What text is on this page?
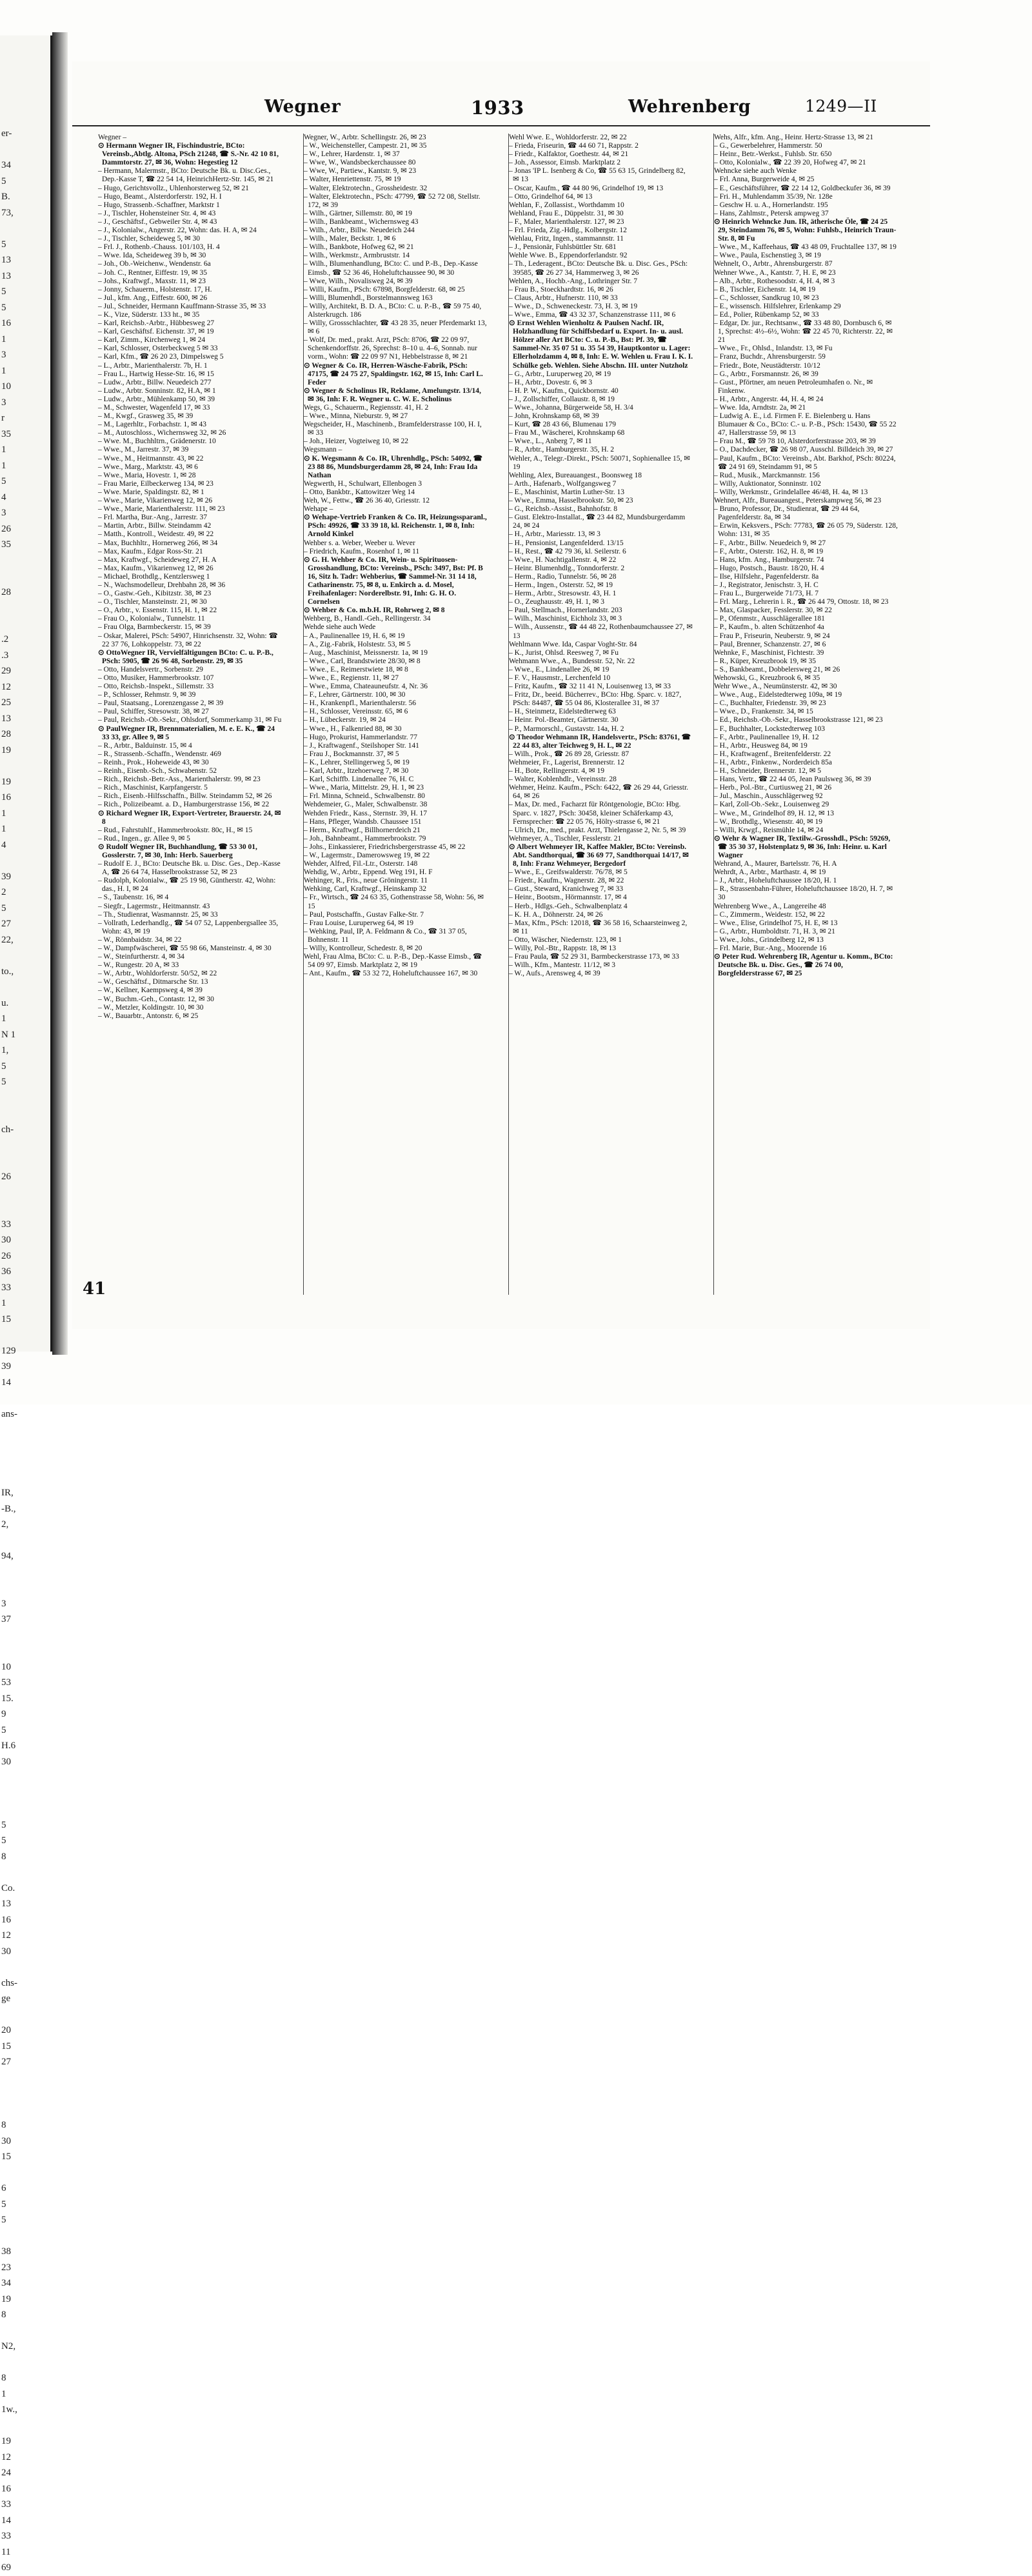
er-

34
5
B.
73,

5
13
13
5
5
16
1
3
1
10
3
r
35
1
1
5
4
3
26
35

28

.2
.3
29
12
25
13
28
19

19
16
1
1
4

39
2
5
27
22,

to.,

u.
1
N 1
1,
5
5

ch-

26

33
30
26
36
33
1
15

129
39
14

ans-

IR,
-B.,
2,

94,

3
37

10
53
15.
9
5
H.6
30

5
5
8

Co.
13
16
12
30

chs-
ge

20
15
27

8
30
15

6
5
5

38
23
34
19
8

N2,

8
1
1w.,

19
12
24
16
33
14
33
11
69
Wegner	1933	Wehrenberg	1249—II

Wegner –

⊙ Hermann Wegner IR, Fischindustrie, BCto: Vereinsb.,Abtlg. Altona, PSch 21248, ☎ S.-Nr. 42 10 81, Dammtorstr. 27, ✉ 36, Wohn: Hegestieg 12

– Hermann, Malermstr., BCto: Deutsche Bk. u. Disc.Ges., Dep.-Kasse T, ☎ 22 54 14, HeinrichHertz-Str. 145, ✉ 21

– Hugo, Gerichtsvollz., Uhlenhorsterweg 52, ✉ 21

– Hugo, Beamt., Alsterdorferstr. 192, H. I

– Hugo, Strassenb.-Schaffner, Marktstr 1

– J., Tischler, Hohensteiner Str. 4, ✉ 43

– J., Geschäftsf., Gebweiler Str. 4, ✉ 43

– J., Kolonialw., Angerstr. 22, Wohn: das. H. A, ✉ 24

– J., Tischler, Scheideweg 5, ✉ 30

– Frl. J., Rothenb.-Chauss. 101/103, H. 4

– Wwe. Ida, Scheideweg 39 b, ✉ 30

– Joh., Ob.-Weichenw., Wendenstr. 6a

– Joh. C., Rentner, Eiffestr. 19, ✉ 35

– Johs., Kraftwgf., Maxstr. 11, ✉ 23

– Jonny, Schauerm., Holstenstr. 17, H.

– Jul., kfm. Ang., Eiffestr. 600, ✉ 26

– Jul., Schneider, Hermann Kauffmann-Strasse 35, ✉ 33

– K., Vize, Süderstr. 133 ht., ✉ 35

– Karl, Reichsb.-Arbtr., Hübbesweg 27

– Karl, Geschäftsf. Eichenstr. 37, ✉ 19

– Karl, Zimm., Kirchenweg 1, ✉ 24

– Karl, Schlosser, Osterbeckweg 5 ✉ 33

– Karl, Kfm., ☎ 26 20 23, Dimpelsweg 5

– L., Arbtr., Marienthalerstr. 7b, H. 1

– Frau L., Hartwig Hesse-Str. 16, ✉ 15

– Ludw., Arbtr., Billw. Neuedeich 277

– Ludw., Arbtr. Sonninstr. 82, H.A, ✉ 1

– Ludw., Arbtr., Mühlenkamp 50, ✉ 39

– M., Schwester, Wagenfeld 17, ✉ 33

– M., Kwgf., Grasweg 35, ✉ 39

– M., Lagerhltr., Forbachstr. 1, ✉ 43

– M., Autoschloss., Wichernsweg 32, ✉ 26

– Wwe. M., Buchhltrn., Grädenerstr. 10

– Wwe., M., Jarrestr. 37, ✉ 39

– Wwe., M., Heitmannstr. 43, ✉ 22

– Wwe., Marg., Marktstr. 43, ✉ 6

– Wwe., Maria, Hovestr. 1, ✉ 28

– Frau Marie, Eilbeckerweg 134, ✉ 23

– Wwe. Marie, Spaldingstr. 82, ✉ 1

– Wwe., Marie, Vikarienweg 12, ✉ 26

– Wwe., Marie, Marienthalerstr. 111, ✉ 23

– Frl. Martha, Bur.-Ang., Jarrestr. 37

– Martin, Arbtr., Billw. Steindamm 42

– Matth., Kontroll., Weidestr. 49, ✉ 22

– Max, Buchhltr., Hornerweg 266, ✉ 34

– Max, Kaufm., Edgar Ross-Str. 21

– Max, Kraftwgf., Scheideweg 27, H. A

– Max, Kaufm., Vikarienweg 12, ✉ 26

– Michael, Brothdlg., Kentzlersweg 1

– N., Wachsmodelleur, Drehbahn 28, ✉ 36

– O., Gastw.-Geh., Kibitzstr. 38, ✉ 23

– O., Tischler, Mansteinstr. 21, ✉ 30

– O., Arbtr., v. Essenstr. 115, H. 1, ✉ 22

– Frau O., Kolonialw., Tunnelstr. 11

– Frau Olga, Barmbeckerstr. 15, ✉ 39

– Oskar, Malerei, PSch: 54907, Hinrichsenstr. 32, Wohn: ☎ 22 37 76, Lohkoppelstr. 73, ✉ 22

⊙ OttoWegner IR, Vervielfältigungen BCto: C. u. P.-B., PSch: 5905, ☎ 26 96 48, Sorbenstr. 29, ✉ 35

– Otto, Handelsvertr., Sorbenstr. 29

– Otto, Musiker, Hammerbrookstr. 107

– Otto, Reichsb.-Inspekt., Sillemstr. 33

– P., Schlosser, Rehmstr. 9, ✉ 39

– Paul, Staatsang., Lorenzengasse 2, ✉ 39

– Paul, Schiffer, Stresowstr. 38, ✉ 27

– Paul, Reichsb.-Ob.-Sekr., Ohlsdorf, Sommerkamp 31, ✉ Fu

⊙ PaulWegner IR, Brennmaterialien, M. e. E. K., ☎ 24 33 33, gr. Allee 9, ✉ 5

– R., Arbtr., Balduinstr. 15, ✉ 4

– R., Strassenb.-Schaffn., Wendenstr. 469

– Reinh., Prok., Hoheweide 43, ✉ 30

– Reinh., Eisenb.-Sch., Schwabenstr. 52

– Rich., Reichsb.-Betr.-Ass., Marienthalerstr. 99, ✉ 23

– Rich., Maschinist, Karpfangerstr. 5

– Rich., Eisenb.-Hilfsschaffn., Billw. Steindamm 52, ✉ 26

– Rich., Polizeibeamt. a. D., Hamburgerstrasse 156, ✉ 22

⊙ Richard Wegner IR, Export-Vertreter, Brauerstr. 24, ✉ 8

– Rud., Fahrstuhlf., Hammerbrookstr. 80c, H., ✉ 15

– Rud., Ingen., gr. Allee 9, ✉ 5

⊙ Rudolf Wegner IR, Buchhandlung, ☎ 53 30 01, Gosslerstr. 7, ✉ 30, Inh: Herb. Sauerberg

– Rudolf E. J., BCto: Deutsche Bk. u. Disc. Ges., Dep.-Kasse A, ☎ 26 64 74, Hasselbrookstrasse 52, ✉ 23

– Rudolph, Kolonialw., ☎ 25 19 98, Güntherstr. 42, Wohn: das., H. I, ✉ 24

– S., Taubenstr. 16, ✉ 4

– Siegfr., Lagermstr., Heitmannstr. 43

– Th., Studienrat, Wasmannstr. 25, ✉ 33

– Vollrath, Lederhandlg., ☎ 54 07 52, Lappenbergsallee 35, Wohn: 43, ✉ 19

– W., Rönnbaidstr. 34, ✉ 22

– W., Dampfwäscherei, ☎ 55 98 66, Mansteinstr. 4, ✉ 30

– W., Steinfurtherstr. 4, ✉ 34

– W., Rungestr. 20 A, ✉ 33

– W., Arbtr., Wohldorferstr. 50/52, ✉ 22

– W., Geschäftsf., Ditmarsche Str. 13

– W., Kellner, Kaempsweg 4, ✉ 39

– W., Buchm.-Geh., Contastr. 12, ✉ 30

– W., Metzler, Koldingstr. 10, ✉ 30

– W., Bauarbtr., Antonstr. 6, ✉ 25

Wegner, W., Arbtr. Schellingstr. 26, ✉ 23

– W., Weichensteller, Campestr. 21, ✉ 35

– W., Lehrer, Hardenstr. 1, ✉ 37

– Wwe, W., Wandsbeckerchaussee 80

– Wwe, W., Partiew., Kantstr. 9, ✉ 23

– Walter, Henriettenstr. 75, ✉ 19

– Walter, Elektrotechn., Grossheidestr. 32

– Walter, Elektrotechn., PSch: 47799, ☎ 52 72 08, Stellstr. 172, ✉ 39

– Wilh., Gärtner, Sillemstr. 80, ✉ 19

– Wilh., Bankbeamt., Wichernsweg 43

– Wilh., Arbtr., Billw. Neuedeich 244

– Wilh., Maler, Beckstr. 1, ✉ 6

– Wilh., Bankbote, Hofweg 62, ✉ 21

– Wilh., Werkmstr., Armbruststr. 14

– Wilh., Blumenhandlung, BCto: C. und P.-B., Dep.-Kasse Eimsb., ☎ 52 36 46, Hoheluftchaussee 90, ✉ 30

– Wwe, Wilh., Novalisweg 24, ✉ 39

– Willi, Kaufm., PSch: 67898, Borgfelderstr. 68, ✉ 25

– Willi, Blumenhdl., Borstelmannsweg 163

– Willy, Architekt, B. D. A., BCto: C. u. P.-B., ☎ 59 75 40, Alsterkrugch. 186

– Willy, Grossschlachter, ☎ 43 28 35, neuer Pferdemarkt 13, ✉ 6

– Wolf, Dr. med., prakt. Arzt, PSch: 8706, ☎ 22 09 97, Schenkendorffstr. 26, Sprechst: 8–10 u. 4–6, Sonnab. nur vorm., Wohn: ☎ 22 09 97 N1, Hebbelstrasse 8, ✉ 21

⊙ Wegner & Co. IR, Herren-Wäsche-Fabrik, PSch: 47175, ☎ 24 75 27, Spaldingstr. 162, ✉ 15, Inh: Carl L. Feder

⊙ Wegner & Scholinus IR, Reklame, Amelungstr. 13/14, ✉ 36, Inh: F. R. Wegner u. C. W. E. Scholinus

Wegs, G., Schauerm., Regiensstr. 41, H. 2

– Wwe., Minna, Nieburstr. 9, ✉ 27

Wegscheider, H., Maschinenb., Bramfelderstrasse 100, H. I, ✉ 33

– Joh., Heizer, Vogteiweg 10, ✉ 22

Wegsmann –

⊙ K. Wegsmann & Co. IR, Uhrenhdlg., PSch: 54092, ☎ 23 88 86, Mundsburgerdamm 28, ✉ 24, Inh: Frau Ida Nathan

Wegwerth, H., Schulwart, Ellenbogen 3

– Otto, Bankbtr., Kattowitzer Weg 14

Weh, W., Fettw., ☎ 26 36 40, Griesstr. 12

Wehape –

⊙ Wehape-Vertrieb Franken & Co. IR, Heizungssparanl., PSch: 49926, ☎ 33 39 18, kl. Reichenstr. 1, ✉ 8, Inh: Arnold Kinkel

Wehber s. a. Weber, Weeber u. Wever

– Friedrich, Kaufm., Rosenhof 1, ✉ 11

⊙ G. H. Wehber & Co. IR, Wein- u. Spirituosen-Grosshandlung, BCto: Vereinsb., PSch: 3497, Bst: Pf. B 16, Sitz h. Tadr: Wehberius, ☎ Sammel-Nr. 31 14 18, Catharinenstr. 75, ✉ 8, u. Enkirch a. d. Mosel, Freihafenlager: Norderelbstr. 91, Inh: G. H. O. Cornelsen

⊙ Wehber & Co. m.b.H. IR, Rohrweg 2, ✉ 8

Wehberg, B., Handl.-Geh., Rellingerstr. 34

Wehde siehe auch Wede

– A., Paulinenallee 19, H. 6, ✉ 19

– A., Zig.-Fabrik, Holstestr. 53, ✉ 5

– Aug., Maschinist, Meissnerstr. 1a, ✉ 19

– Wwe., Carl, Brandstwiete 28/30, ✉ 8

– Wwe., E., Reimerstwiete 18, ✉ 8

– Wwe., E., Regienstr. 11, ✉ 27

– Wwe., Emma, Chateauneufstr. 4, Nr. 36

– F., Lehrer, Gärtnerstr. 100, ✉ 30

– H., Krankenpfl., Marienthalerstr. 56

– H., Schlosser, Vereinsstr. 65, ✉ 6

– H., Lübeckerstr. 19, ✉ 24

– Wwe., H., Falkenried 88, ✉ 30

– Hugo, Prokurist, Hammerlandstr. 77

– J., Kraftwagenf., Steilshoper Str. 141

– Frau J., Bockmannstr. 37, ✉ 5

– K., Lehrer, Stellingerweg 5, ✉ 19

– Karl, Arbtr., Itzehoerweg 7, ✉ 30

– Karl, Schiffb. Lindenallee 76, H. C

– Wwe., Maria, Mittelstr. 29, H. 1, ✉ 23

– Frl. Minna, Schneid., Schwalbenstr. 80

Wehdemeier, G., Maler, Schwalbenstr. 38

Wehden Friedr., Kass., Sternstr. 39, H. 17

– Hans, Pfleger, Wandsb. Chaussee 151

– Herm., Kraftwgf., Billhornerdeich 21

– Joh., Bahnbeamt., Hammerbrookstr. 79

– Johs., Einkassierer, Friedrichsbergerstrasse 45, ✉ 22

– W., Lagermstr., Damerowsweg 19, ✉ 22

Wehder, Alfred, Fil.-Ltr., Osterstr. 148

Wehdig, W., Arbtr., Eppend. Weg 191, H. F

Wehinger, R., Fris., neue Gröningerstr. 11

Wehking, Carl, Kraftwgf., Heinskamp 32

– Fr., Wirtsch., ☎ 24 63 35, Gothenstrasse 58, Wohn: 56, ✉ 15

– Paul, Postschaffn., Gustav Falke-Str. 7

– Frau Louise, Luruperweg 64, ✉ 19

– Wehking, Paul, IP, A. Feldmann & Co., ☎ 31 37 05, Bohnenstr. 11

– Willy, Kontrolleur, Schedestr. 8, ✉ 20

Wehl, Frau Alma, BCto: C. u. P.-B., Dep.-Kasse Eimsb., ☎ 54 09 97, Eimsb. Marktplatz 2, ✉ 19

– Ant., Kaufm., ☎ 53 32 72, Hoheluftchaussee 167, ✉ 30

Wehl Wwe. E., Wohldorferstr. 22, ✉ 22

– Frieda, Friseurin, ☎ 44 60 71, Rappstr. 2

– Friedr., Kalfaktor, Goethestr. 44, ✉ 21

– Joh., Assessor, Eimsb. Marktplatz 2

– Jonas 'IP L. Isenberg & Co, ☎ 55 63 15, Grindelberg 82, ✉ 13

– Oscar, Kaufm., ☎ 44 80 96, Grindelhof 19, ✉ 13

– Otto, Grindelhof 64, ✉ 13

Wehlan, F., Zollassist., Worthdamm 10

Wehland, Frau E., Düppelstr. 31, ✉ 30

– F., Maler, Marienthalerstr. 127, ✉ 23

– Frl. Frieda, Zig.-Hdlg., Kolbergstr. 12

Wehlau, Fritz, Ingen., stammannstr. 11

– J., Pensionär, Fuhlsbüttler Str. 681

Wehle Wwe. B., Eppendorferlandstr. 92

– Th., Lederagent., BCto: Deutsche Bk. u. Disc. Ges., PSch: 39585, ☎ 26 27 34, Hammerweg 3, ✉ 26

Wehlen, A., Hochb.-Ang., Lothringer Str. 7

– Frau B., Stoeckhardtstr. 16, ✉ 26

– Claus, Arbtr., Hufnerstr. 110, ✉ 33

– Wwe., D., Schweneckestr. 73, H. 3, ✉ 19

– Wwe., Emma, ☎ 43 32 37, Schanzenstrasse 111, ✉ 6

⊙ Ernst Wehlen Wienholtz & Paulsen Nachf. IR, Holzhandlung für Schiffsbedarf u. Export. In- u. ausl. Hölzer aller Art BCto: C. u. P.-B., Bst: Pf. 39, ☎ Sammel-Nr. 35 07 51 u. 35 54 39, Hauptkontor u. Lager: Ellerholzdamm 4, ✉ 8, Inh: E. W. Wehlen u. Frau I. K. I. Schülke geb. Wehlen. Siehe Abschn. III. unter Nutzholz

– G., Arbtr., Luruperweg 20, ✉ 19

– H., Arbtr., Dovestr. 6, ✉ 3

– H. P. W., Kaufm., Quickbornstr. 40

– J., Zollschiffer, Collaustr. 8, ✉ 19

– Wwe., Johanna, Bürgerweide 58, H. 3/4

– John, Krohnskamp 68, ✉ 39

– Kurt, ☎ 28 43 66, Blumenau 179

– Frau M., Wäscherei, Krohnskamp 68

– Wwe., L., Anberg 7, ✉ 11

– R., Arbtr., Hamburgerstr. 35, H. 2

Wehler, A., Telegr.-Direkt., PSch: 50071, Sophienallee 15, ✉ 19

Wehling, Alex, Bureauangest., Boonsweg 18

– Arth., Hafenarb., Wolfgangsweg 7

– E., Maschinist, Martin Luther-Str. 13

– Wwe., Emma, Hasselbrookstr. 50, ✉ 23

– G., Reichsb.-Assist., Bahnhofstr. 8

– Gust. Elektro-Installat., ☎ 23 44 82, Mundsburgerdamm 24, ✉ 24

– H., Arbtr., Mariesstr. 13, ✉ 3

– H., Pensionist, Langenfelderd. 13/15

– H., Rest., ☎ 42 79 36, kl. Seilerstr. 6

– Wwe., H. Nachtigallenstr. 4, ✉ 22

– Heinr. Blumenhdlg., Tonndorferstr. 2

– Herm., Radio, Tunnelstr. 56, ✉ 28

– Herm., Ingen., Osterstr. 52, ✉ 19

– Herm., Arbtr., Stresowstr. 43, H. 1

– O., Zeughausstr. 49, H. 1, ✉ 3

– Paul, Stellmach., Hornerlandstr. 203

– Wilh., Maschinist, Eichholz 33, ✉ 3

– Wilh., Aussenstr., ☎ 44 48 22, Rothenbaumchaussee 27, ✉ 13

Wehlmann Wwe. Ida, Caspar Voght-Str. 84

– K., Jurist, Ohlsd. Reesweg 7, ✉ Fu

Wehmann Wwe., A., Bundesstr. 52, Nr. 22

– Wwe., E., Lindenallee 26, ✉ 19

– F. V., Hausmstr., Lerchenfeld 10

– Fritz, Kaufm., ☎ 32 11 41 N, Louisenweg 13, ✉ 33

– Fritz, Dr., beeid. Bücherrev., BCto: Hbg. Sparc. v. 1827, PSch: 84487, ☎ 55 04 86, Klosterallee 31, ✉ 37

– H., Steinmetz, Eidelstedterweg 63

– Heinr. Pol.-Beamter, Gärtnerstr. 30

– P., Marmorschl., Gustavstr. 14a, H. 2

⊙ Theodor Wehmann IR, Handelsvertr., PSch: 83761, ☎ 22 44 83, alter Teichweg 9, H. L, ✉ 22

– Wilh., Prok., ☎ 26 89 28, Griesstr. 87

Wehmeier, Fr., Lagerist, Brennerstr. 12

– H., Bote, Rellingerstr. 4, ✉ 19

– Walter, Koblenhdlr., Vereinsstr. 28

Wehmer, Heinz. Kaufm., PSch: 6422, ☎ 26 29 44, Griesstr. 64, ✉ 26

– Max, Dr. med., Facharzt für Röntgenologie, BCto: Hbg. Sparc. v. 1827, PSch: 30458, kleiner Schäferkamp 43, Fernsprecher: ☎ 22 05 76, Hölty-strasse 6, ✉ 21

– Ulrich, Dr., med., prakt. Arzt, Thielengasse 2, Nr. 5, ✉ 39

Wehmeyer, A., Tischler, Fesslerstr. 21

⊙ Albert Wehmeyer IR, Kaffee Makler, BCto: Vereinsb. Abt. Sandthorquai, ☎ 36 69 77, Sandthorquai 14/17, ✉ 8, Inh: Franz Wehmeyer, Bergedorf

– Wwe., E., Greifswalderstr. 76/78, ✉ 5

– Friedr., Kaufm., Wagnerstr. 28, ✉ 22

– Gust., Steward, Kranichweg 7, ✉ 33

– Heinr., Bootsm., Hörmannstr. 17, ✉ 4

– Herb., Hdlgs.-Geh., Schwalbenplatz 4

– K. H. A., Döhnerstr. 24, ✉ 26

– Max, Kfm., PSch: 12018, ☎ 36 58 16, Schaarsteinweg 2, ✉ 11

– Otto, Wäscher, Niedernstr. 123, ✉ 1

– Willy, Pol.-Btr., Rappstr. 18, ✉ 13

– Frau Paula, ☎ 52 29 31, Barmbeckerstrasse 173, ✉ 33

– Wilh., Kfm., Mantestr. 11/12, ✉ 3

– W., Aufs., Arensweg 4, ✉ 39

Wehs, Alfr., kfm. Ang., Heinr. Hertz-Strasse 13, ✉ 21

– G., Gewerbelehrer, Hammerstr. 50

– Heinr., Betr.-Werkst., Fuhlsb. Str. 650

– Otto, Kolonialw., ☎ 22 39 20, Hofweg 47, ✉ 21

Wehncke siehe auch Wenke

– Frl. Anna, Burgerweide 4, ✉ 25

– E., Geschäftsführer, ☎ 22 14 12, Goldbeckufer 36, ✉ 39

– Fri. H., Muhlendamm 35/39, Nr. 128e

– Geschw H. u. A., Hornerlandstr. 195

– Hans, Zahlmstr., Petersk ampweg 37

⊙ Heinrich Wehncke Jun. IR, ätherische Öle, ☎ 24 25 29, Steindamm 76, ✉ 5, Wohn: Fuhlsb., Heinrich Traun-Str. 8, ✉ Fu

– Wwe., M., Kaffeehaus, ☎ 43 48 09, Fruchtallee 137, ✉ 19

– Wwe., Paula, Eschenstieg 3, ✉ 19

Wehnelt, O., Arbtr., Ahrensburgerstr. 87

Wehner Wwe., A., Kantstr. 7, H. E, ✉ 23

– Alb., Arbtr., Rothesoodstr. 4, H. 4, ✉ 3

– B., Tischler, Eichenstr. 14, ✉ 19

– C., Schlosser, Sandkrug 10, ✉ 23

– E., wissensch. Hilfslehrer, Erlenkamp 29

– Ed., Polier, Rübenkamp 52, ✉ 33

– Edgar, Dr. jur., Rechtsanw., ☎ 33 48 80, Dornbusch 6, ✉ 1, Sprechst: 4½–6½, Wohn: ☎ 22 45 70, Richterstr. 22, ✉ 21

– Wwe., Fr., Ohlsd., Inlandstr. 13, ✉ Fu

– Franz, Buchdr., Ahrensburgerstr. 59

– Friedr., Bote, Neustädterstr. 10/12

– G., Arbtr., Forsmannstr. 26, ✉ 39

– Gust., Pförtner, am neuen Petroleumhafen o. Nr., ✉ Finkenw.

– H., Arbtr., Angerstr. 44, H. 4, ✉ 24

– Wwe. Ida, Arndtstr. 2a, ✉ 21

– Ludwig A. E., i.d. Firmen F. E. Bielenberg u. Hans Blumauer & Co., BCto: C.- u. P.-B., PSch: 15430, ☎ 55 22 47, Hallerstrasse 59, ✉ 13

– Frau M., ☎ 59 78 10, Alsterdorferstrasse 203, ✉ 39

– O., Dachdecker, ☎ 26 98 07, Ausschl. Billdeich 39, ✉ 27

– Paul, Kaufm., BCto: Vereinsb., Abt. Barkhof, PSch: 80224, ☎ 24 91 69, Steindamm 91, ✉ 5

– Rud., Musik., Marckmannstr. 156

– Willy, Auktionator, Sonninstr. 102

– Willy, Werkmstr., Grindelallee 46/48, H. 4a, ✉ 13

Wehnert, Alfr., Bureauangest., Peterskampweg 56, ✉ 23

– Bruno, Professor, Dr., Studienrat, ☎ 29 44 64, Pagenfelderstr. 8a, ✉ 34

– Erwin, Keksvers., PSch: 77783, ☎ 26 05 79, Süderstr. 128, Wohn: 131, ✉ 35

– F., Arbtr., Billw. Neuedeich 9, ✉ 27

– F., Arbtr., Osterstr. 162, H. 8, ✉ 19

– Hans, kfm. Ang., Hamburgerstr. 74

– Hugo, Postsch., Baustr. 18/20, H. 4

– Ilse, Hilfslehr., Pagenfelderstr. 8a

– J., Registrator, Jenischstr. 3, H. C

– Frau L., Burgerweide 71/73, H. 7

– Frl. Marg., Lehrerin i. R., ☎ 26 44 79, Ottostr. 18, ✉ 23

– Max, Glaspacker, Fesslerstr. 30, ✉ 22

– P., Ofenmstr., Ausschlägerallee 181

– P., Kaufm., b. alten Schützenhof 4a

– Frau P., Friseurin, Neuberstr. 9, ✉ 24

– Paul, Brenner, Schanzenstr. 27, ✉ 6

Wehnke, F., Maschinist, Fichtestr. 39

– R., Küper, Kreuzbrook 19, ✉ 35

– S., Bankbeamt., Dobbelersweg 21, ✉ 26

Wehowski, G., Kreuzbrook 6, ✉ 35

Wehr Wwe., A., Neumünsterstr. 42, ✉ 30

– Wwe., Aug., Eidelstedterweg 109a, ✉ 19

– C., Buchhalter, Friedenstr. 39, ✉ 23

– Wwe., D., Frankenstr. 34, ✉ 15

– Ed., Reichsb.-Ob.-Sekr., Hasselbrookstrasse 121, ✉ 23

– F., Buchhalter, Lockstedterweg 103

– F., Arbtr., Paulinenallee 19, H. 12

– H., Arbtr., Heusweg 84, ✉ 19

– H., Kraftwagenf., Breitenfelderstr. 22

– H., Arbtr., Finkenw., Norderdeich 85a

– H., Schneider, Brennerstr. 12, ✉ 5

– Hans, Vertr., ☎ 22 44 05, Jean Paulsweg 36, ✉ 39

– Herb., Pol.-Btr., Curtiusweg 21, ✉ 26

– Jul., Maschin., Ausschlägerweg 92

– Karl, Zoll-Ob.-Sekr., Louisenweg 29

– Wwe., M., Grindelhof 89, H. 12, ✉ 13

– W., Brothdlg., Wiesenstr. 40, ✉ 19

– Willi, Krwgf., Reismühle 14, ✉ 24

⊙ Wehr & Wagner IR, Textilw.-Grosshdl., PSch: 59269, ☎ 35 30 37, Holstenplatz 9, ✉ 36, Inh: Heinr. u. Karl Wagner

Wehrand, A., Maurer, Bartelsstr. 76, H. A

Wehrdt, A., Arbtr., Marthastr. 4, ✉ 19

– J., Arbtr., Hoheluftchaussee 18/20, H. 1

– R., Strassenbahn-Führer, Hoheluftchaussee 18/20, H. 7, ✉ 30

Wehrenberg Wwe., A., Langereihe 48

– C., Zimmerm., Weidestr. 152, ✉ 22

– Wwe., Elise, Grindelhof 75, H. E, ✉ 13

– G., Arbtr., Humboldtstr. 71, H. 3, ✉ 21

– Wwe., Johs., Grindelberg 12, ✉ 13

– Frl. Marie, Bur.-Ang., Moorende 16

⊙ Peter Rud. Wehrenberg IR, Agentur u. Komm., BCto: Deutsche Bk. u. Disc. Ges., ☎ 26 74 00, Borgfelderstrasse 67, ✉ 25

41
